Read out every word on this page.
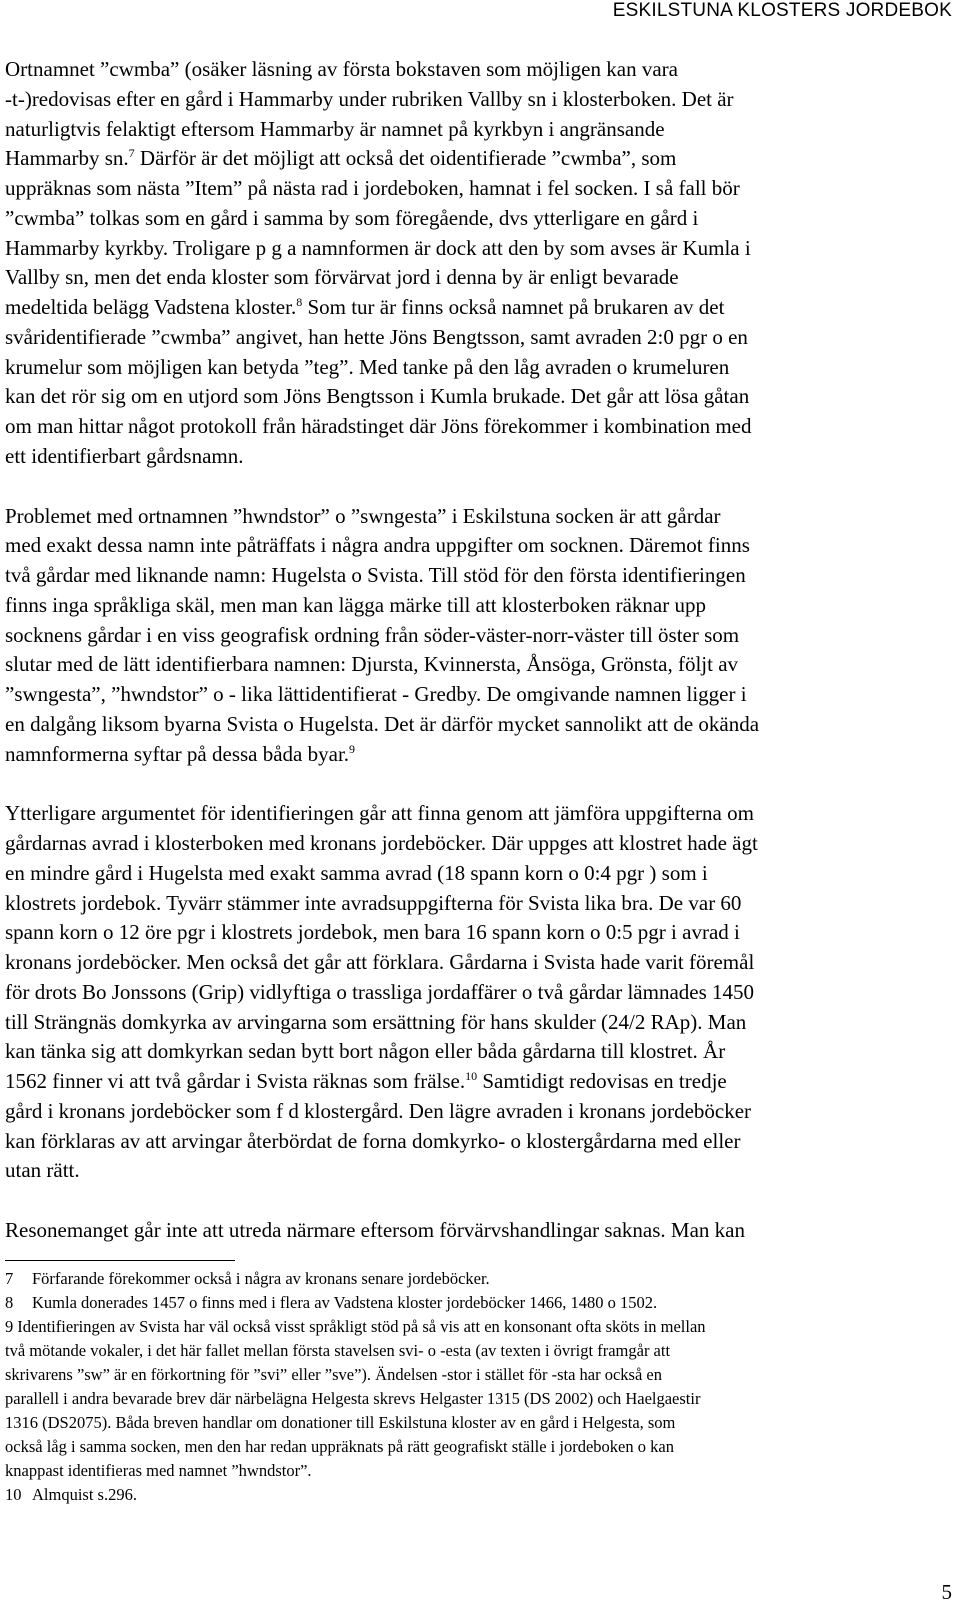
ESKILSTUNA KLOSTERS JORDEBOK

Ortnamnet ”cwmba” (osäker läsning av första bokstaven som möjligen kan vara
-t-)redovisas efter en gård i Hammarby under rubriken Vallby sn i klosterboken. Det är
naturligtvis felaktigt eftersom Hammarby är namnet på kyrkbyn i angränsande
Hammarby sn.$^7$ Därför är det möjligt att också det oidentifierade ”cwmba”, som
uppräknas som nästa ”Item” på nästa rad i jordeboken, hamnat i fel socken. I så fall bör
”cwmba” tolkas som en gård i samma by som föregående, dvs ytterligare en gård i
Hammarby kyrkby. Troligare p g a namnformen är dock att den by som avses är Kumla i
Vallby sn, men det enda kloster som förvärvat jord i denna by är enligt bevarade
medeltida belägg Vadstena kloster.$^8$ Som tur är finns också namnet på brukaren av det
svåridentifierade ”cwmba” angivet, han hette Jöns Bengtsson, samt avraden 2:0 pgr o en
krumelur som möjligen kan betyda ”teg”. Med tanke på den låg avraden o krumeluren
kan det rör sig om en utjord som Jöns Bengtsson i Kumla brukade. Det går att lösa gåtan
om man hittar något protokoll från häradstinget där Jöns förekommer i kombination med
ett identifierbart gårdsnamn.

Problemet med ortnamnen ”hwndstor” o ”swngesta” i Eskilstuna socken är att gårdar
med exakt dessa namn inte påträffats i några andra uppgifter om socknen. Däremot finns
två gårdar med liknande namn: Hugelsta o Svista. Till stöd för den första identifieringen
finns inga språkliga skäl, men man kan lägga märke till att klosterboken räknar upp
socknens gårdar i en viss geografisk ordning från söder-väster-norr-väster till öster som
slutar med de lätt identifierbara namnen: Djursta, Kvinnersta, Ånsöga, Grönsta, följt av
”swngesta”, ”hwndstor” o - lika lättidentifierat - Gredby. De omgivande namnen ligger i
en dalgång liksom byarna Svista o Hugelsta. Det är därför mycket sannolikt att de okända
namnformerna syftar på dessa båda byar.$^9$

Ytterligare argumentet för identifieringen går att finna genom att jämföra uppgifterna om
gårdarnas avrad i klosterboken med kronans jordeböcker. Där uppges att klostret hade ägt
en mindre gård i Hugelsta med exakt samma avrad (18 spann korn o 0:4 pgr ) som i
klostrets jordebok. Tyvärr stämmer inte avradsuppgifterna för Svista lika bra. De var 60
spann korn o 12 öre pgr i klostrets jordebok, men bara 16 spann korn o 0:5 pgr i avrad i
kronans jordeböcker. Men också det går att förklara. Gårdarna i Svista hade varit föremål
för drots Bo Jonssons (Grip) vidlyftiga o trassliga jordaffärer o två gårdar lämnades 1450
till Strängnäs domkyrka av arvingarna som ersättning för hans skulder (24/2 RAp). Man
kan tänka sig att domkyrkan sedan bytt bort någon eller båda gårdarna till klostret. År
1562 finner vi att två gårdar i Svista räknas som frälse.$^{10}$ Samtidigt redovisas en tredje
gård i kronans jordeböcker som f d klostergård. Den lägre avraden i kronans jordeböcker
kan förklaras av att arvingar återbördat de forna domkyrko- o klostergårdarna med eller
utan rätt.

Resonemanget går inte att utreda närmare eftersom förvärvshandlingar saknas. Man kan

7 Förfarande förekommer också i några av kronans senare jordeböcker.

8 Kumla donerades 1457 o finns med i flera av Vadstena kloster jordeböcker 1466, 1480 o 1502.

9 Identifieringen av Svista har väl också visst språkligt stöd på så vis att en konsonant ofta sköts in mellan
två mötande vokaler, i det här fallet mellan första stavelsen svi- o -esta (av texten i övrigt framgår att
skrivarens ”sw” är en förkortning för ”svi” eller ”sve”). Ändelsen -stor i stället för -sta har också en
parallell i andra bevarade brev där närbelägna Helgesta skrevs Helgaster 1315 (DS 2002) och Haelgaestir
1316 (DS2075). Båda breven handlar om donationer till Eskilstuna kloster av en gård i Helgesta, som
också låg i samma socken, men den har redan uppräknats på rätt geografiskt ställe i jordeboken o kan
knappast identifieras med namnet ”hwndstor”.

10 Almquist s.296.

5
